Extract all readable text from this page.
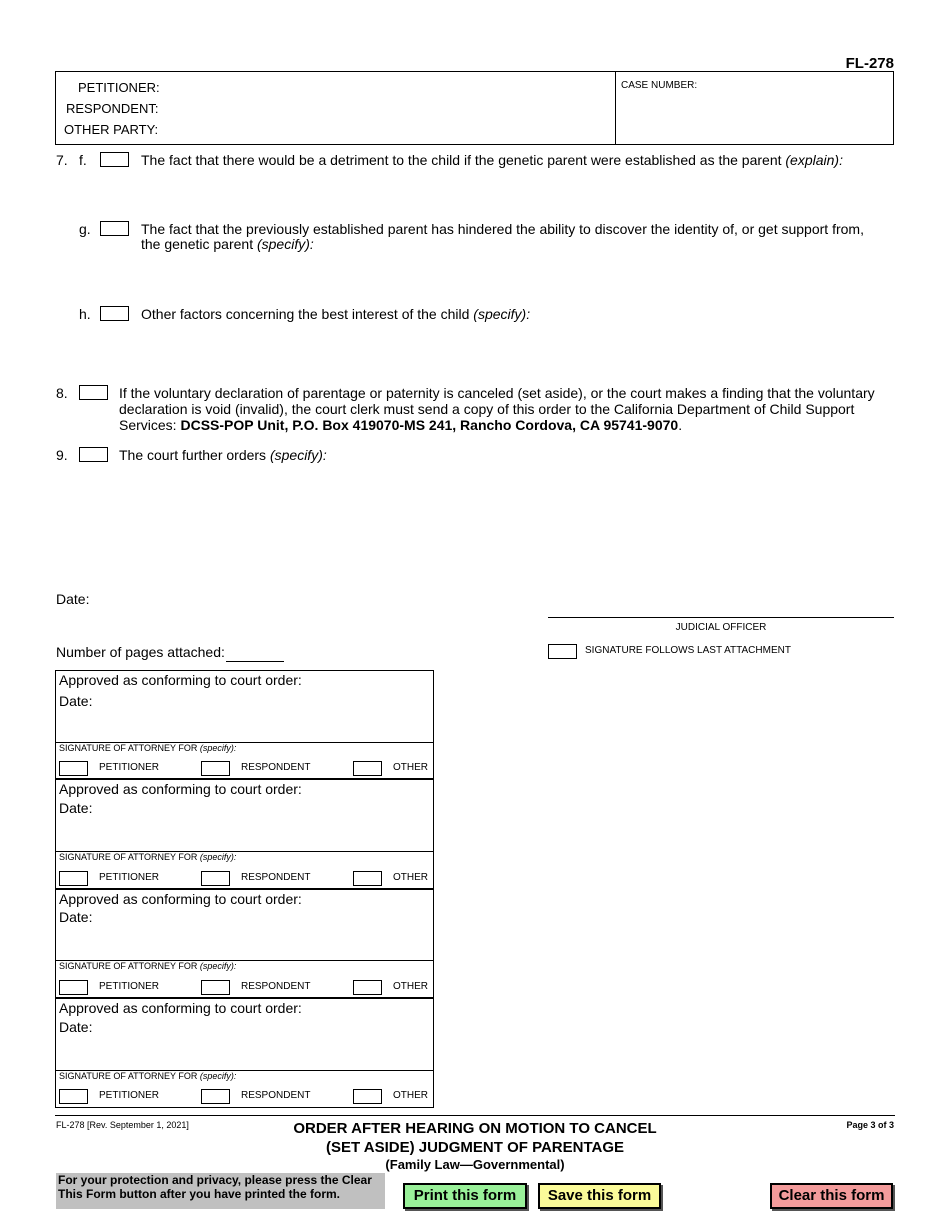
FL-278
PETITIONER:
RESPONDENT:
OTHER PARTY:
CASE NUMBER:
7. f.	The fact that there would be a detriment to the child if the genetic parent were established as the parent (explain):
g.	The fact that the previously established parent has hindered the ability to discover the identity of, or get support from,
the genetic parent (specify):
h.	Other factors concerning the best interest of the child (specify):
8.	If the voluntary declaration of parentage or paternity is canceled (set aside), or the court makes a finding that the voluntary
declaration is void (invalid), the court clerk must send a copy of this order to the California Department of Child Support
Services: DCSS-POP Unit, P.O. Box 419070-MS 241, Rancho Cordova, CA 95741-9070.
9.	The court further orders (specify):
Date:
JUDICIAL OFFICER
Number of pages attached:	SIGNATURE FOLLOWS LAST ATTACHMENT
Approved as conforming to court order:
Date:
SIGNATURE OF ATTORNEY FOR (specify):
PETITIONER	RESPONDENT	OTHER
Approved as conforming to court order:
Date:
SIGNATURE OF ATTORNEY FOR (specify):
PETITIONER	RESPONDENT	OTHER
Approved as conforming to court order:
Date:
SIGNATURE OF ATTORNEY FOR (specify):
PETITIONER	RESPONDENT	OTHER
Approved as conforming to court order:
Date:
SIGNATURE OF ATTORNEY FOR (specify):
PETITIONER	RESPONDENT	OTHER
FL-278 [Rev. September 1, 2021]	ORDER AFTER HEARING ON MOTION TO CANCEL
(SET ASIDE) JUDGMENT OF PARENTAGE
(Family Law—Governmental)
Page 3 of 3
For your protection and privacy, please press the Clear
This Form button after you have printed the form.	Print this form	Save this form	Clear this form
